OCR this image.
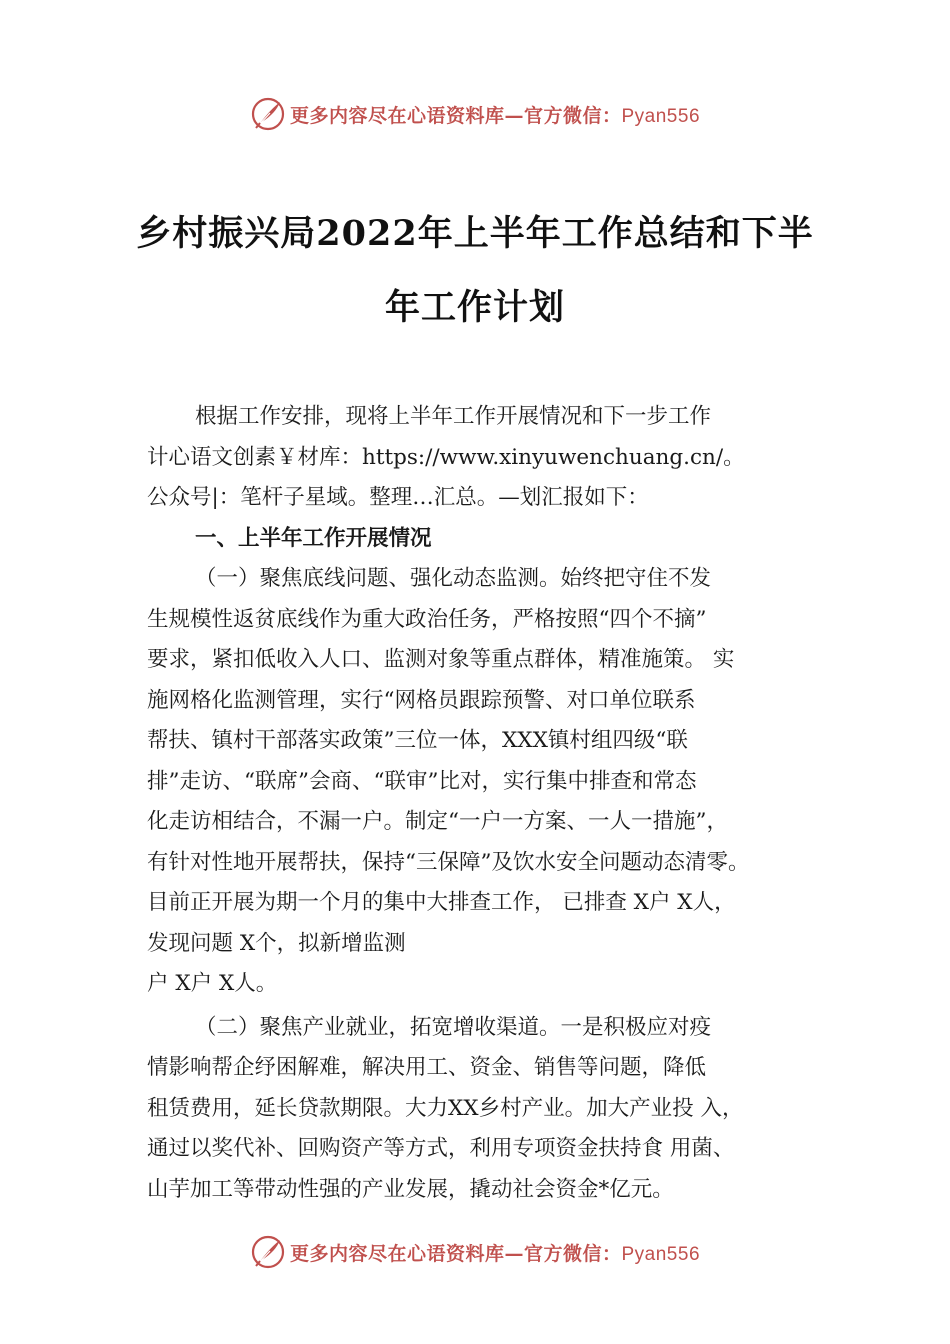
更多内容尽在心语资料库—官方微信：Pyan556
乡村振兴局2022年上半年工作总结和下半
年工作计划
根据工作安排，现将上半年工作开展情况和下一步工作
计心语文创素￥材库：https://www.xinyuwenchuang.cn/。
公众号|：笔杆子星域。整理…汇总。—划汇报如下：
一、上半年工作开展情况
（一）聚焦底线问题、强化动态监测。始终把守住不发
生规模性返贫底线作为重大政治任务，严格按照“四个不摘”
要求，紧扣低收入人口、监测对象等重点群体，精准施策。 实
施网格化监测管理，实行“网格员跟踪预警、对口单位联系
帮扶、镇村干部落实政策”三位一体，XXX镇村组四级“联
排”走访、“联席”会商、“联审”比对，实行集中排查和常态
化走访相结合，不漏一户。制定“一户一方案、一人一措施”，
有针对性地开展帮扶，保持“三保障”及饮水安全问题动态清零。
目前正开展为期一个月的集中大排查工作， 已排查 X户 X人，
发现问题 X个，拟新增监测
户 X户 X人。
（二）聚焦产业就业，拓宽增收渠道。一是积极应对疫
情影响帮企纾困解难，解决用工、资金、销售等问题，降低
租赁费用，延长贷款期限。大力XX乡村产业。加大产业投 入，
通过以奖代补、回购资产等方式，利用专项资金扶持食 用菌、
山芋加工等带动性强的产业发展，撬动社会资金*亿元。
更多内容尽在心语资料库—官方微信：Pyan556
